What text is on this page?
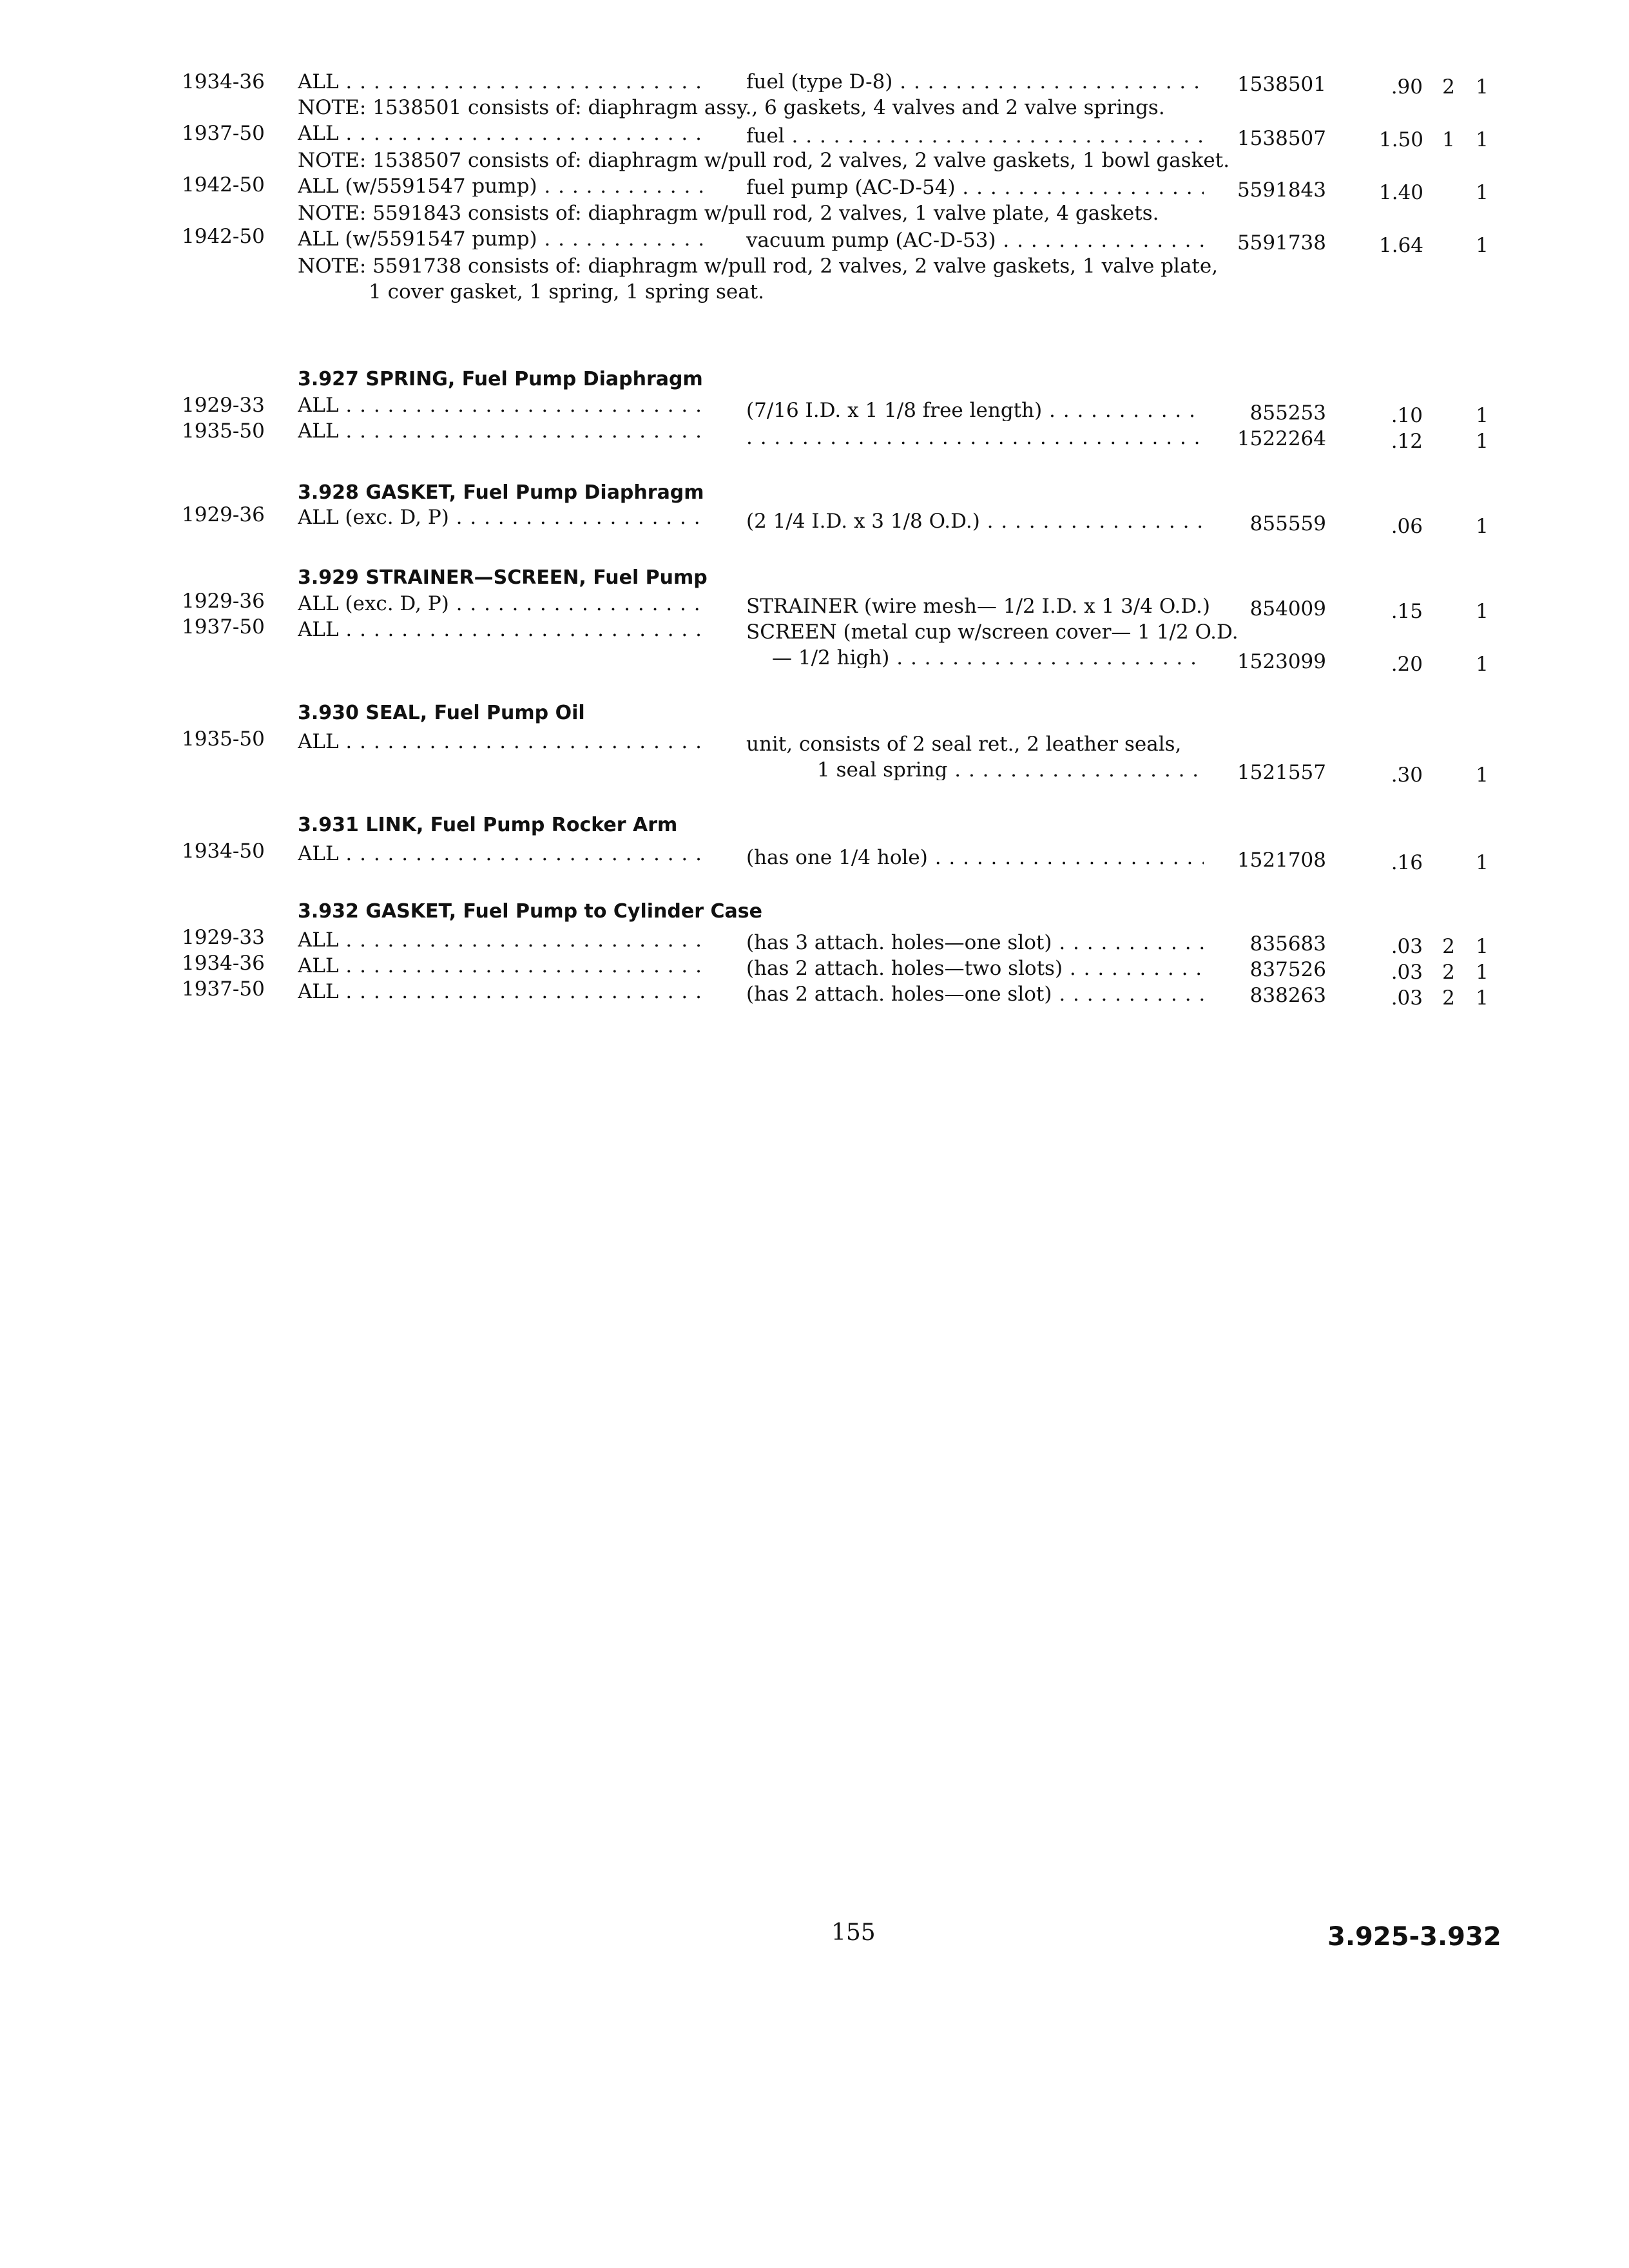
1934-36 ALL . . .	fuel (type D-8) . . .	1538501	.90 2 1
NOTE: 1538501 consists of: diaphragm assy., 6 gaskets, 4 valves and 2 valve springs.
1937-50 ALL . . .	fuel . . .	1538507	1.50 1 1
NOTE: 1538507 consists of: diaphragm w/pull rod, 2 valves, 2 valve gaskets, 1 bowl gasket.
1942-50 ALL (w/5591547 pump) . . .	fuel pump (AC-D-54) . . .	5591843	1.40	1
NOTE: 5591843 consists of: diaphragm w/pull rod, 2 valves, 1 valve plate, 4 gaskets.
1942-50 ALL (w/5591547 pump) . . .	vacuum pump (AC-D-53) . . .	5591738	1.64	1
NOTE: 5591738 consists of: diaphragm w/pull rod, 2 valves, 2 valve gaskets, 1 valve plate,
1 cover gasket, 1 spring, 1 spring seat.
3.927 SPRING, Fuel Pump Diaphragm
1929-33 ALL . . .	(7/16 I.D. x 1 1/8 free length) . . .	855253	.10	1
1935-50 ALL . . .
. . .	1522264	.12	1
3.928 GASKET, Fuel Pump Diaphragm
1929-36 ALL (exc. D, P) . . .	(2 1/4 I.D. x 3 1/8 O.D.) . . .	855559	.06	1
3.929 STRAINER—SCREEN, Fuel Pump
1929-36 ALL (exc. D, P) . . .	STRAINER (wire mesh— 1/2 I.D. x 1 3/4 O.D.) . . .	854009	.15	1
1937-50 ALL . . .	SCREEN (metal cup w/screen cover— 1 1/2 O.D.
— 1/2 high) . . .	1523099	.20	1
3.930 SEAL, Fuel Pump Oil
1935-50 ALL . . .	unit, consists of 2 seal ret., 2 leather seals,
1 seal spring . . .	1521557	.30	1
3.931 LINK, Fuel Pump Rocker Arm
1934-50 ALL . . .	(has one 1/4 hole) . . .	1521708	.16	1
3.932 GASKET, Fuel Pump to Cylinder Case
1929-33 ALL . . .	(has 3 attach. holes—one slot) . . .	835683	.03 2 1
1934-36 ALL . . .	(has 2 attach. holes—two slots) . . .	837526	.03 2 1
1937-50 ALL . . .	(has 2 attach. holes—one slot) . . .	838263	.03 2 1
155	3.925-3.932
